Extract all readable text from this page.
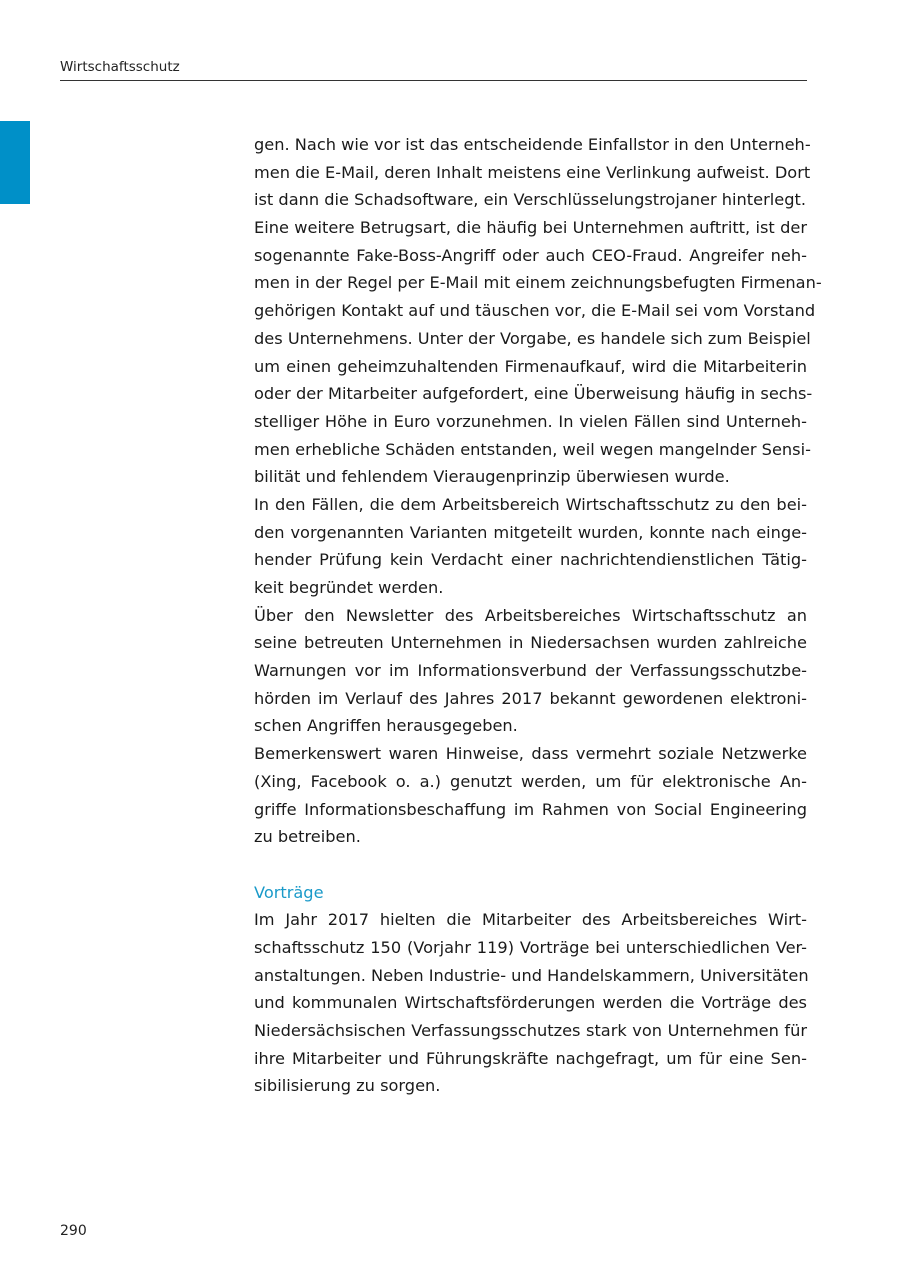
Wirtschaftsschutz
gen. Nach wie vor ist das entscheidende Einfallstor in den Unterneh-
men die E-Mail, deren Inhalt meistens eine Verlinkung aufweist. Dort
ist dann die Schadsoftware, ein Verschlüsselungstrojaner hinterlegt.
Eine weitere Betrugsart, die häufig bei Unternehmen auftritt, ist der
sogenannte Fake-Boss-Angriff oder auch CEO-Fraud. Angreifer neh-
men in der Regel per E-Mail mit einem zeichnungsbefugten Firmenan-
gehörigen Kontakt auf und täuschen vor, die E-Mail sei vom Vorstand
des Unternehmens. Unter der Vorgabe, es handele sich zum Beispiel
um einen geheimzuhaltenden Firmenaufkauf, wird die Mitarbeiterin
oder der Mitarbeiter aufgefordert, eine Überweisung häufig in sechs-
stelliger Höhe in Euro vorzunehmen. In vielen Fällen sind Unterneh-
men erhebliche Schäden entstanden, weil wegen mangelnder Sensi-
bilität und fehlendem Vieraugenprinzip überwiesen wurde.
In den Fällen, die dem Arbeitsbereich Wirtschaftsschutz zu den bei-
den vorgenannten Varianten mitgeteilt wurden, konnte nach einge-
hender Prüfung kein Verdacht einer nachrichtendienstlichen Tätig-
keit begründet werden.
Über den Newsletter des Arbeitsbereiches Wirtschaftsschutz an
seine betreuten Unternehmen in Niedersachsen wurden zahlreiche
Warnungen vor im Informationsverbund der Verfassungsschutzbe-
hörden im Verlauf des Jahres 2017 bekannt gewordenen elektroni-
schen Angriffen herausgegeben.
Bemerkenswert waren Hinweise, dass vermehrt soziale Netzwerke
(Xing, Facebook o. a.) genutzt werden, um für elektronische An-
griffe Informationsbeschaffung im Rahmen von Social Engineering
zu betreiben.
Vorträge
Im Jahr 2017 hielten die Mitarbeiter des Arbeitsbereiches Wirt-
schaftsschutz 150 (Vorjahr 119) Vorträge bei unterschiedlichen Ver-
anstaltungen. Neben Industrie- und Handelskammern, Universitäten
und kommunalen Wirtschaftsförderungen werden die Vorträge des
Niedersächsischen Verfassungsschutzes stark von Unternehmen für
ihre Mitarbeiter und Führungskräfte nachgefragt, um für eine Sen-
sibilisierung zu sorgen.
290
